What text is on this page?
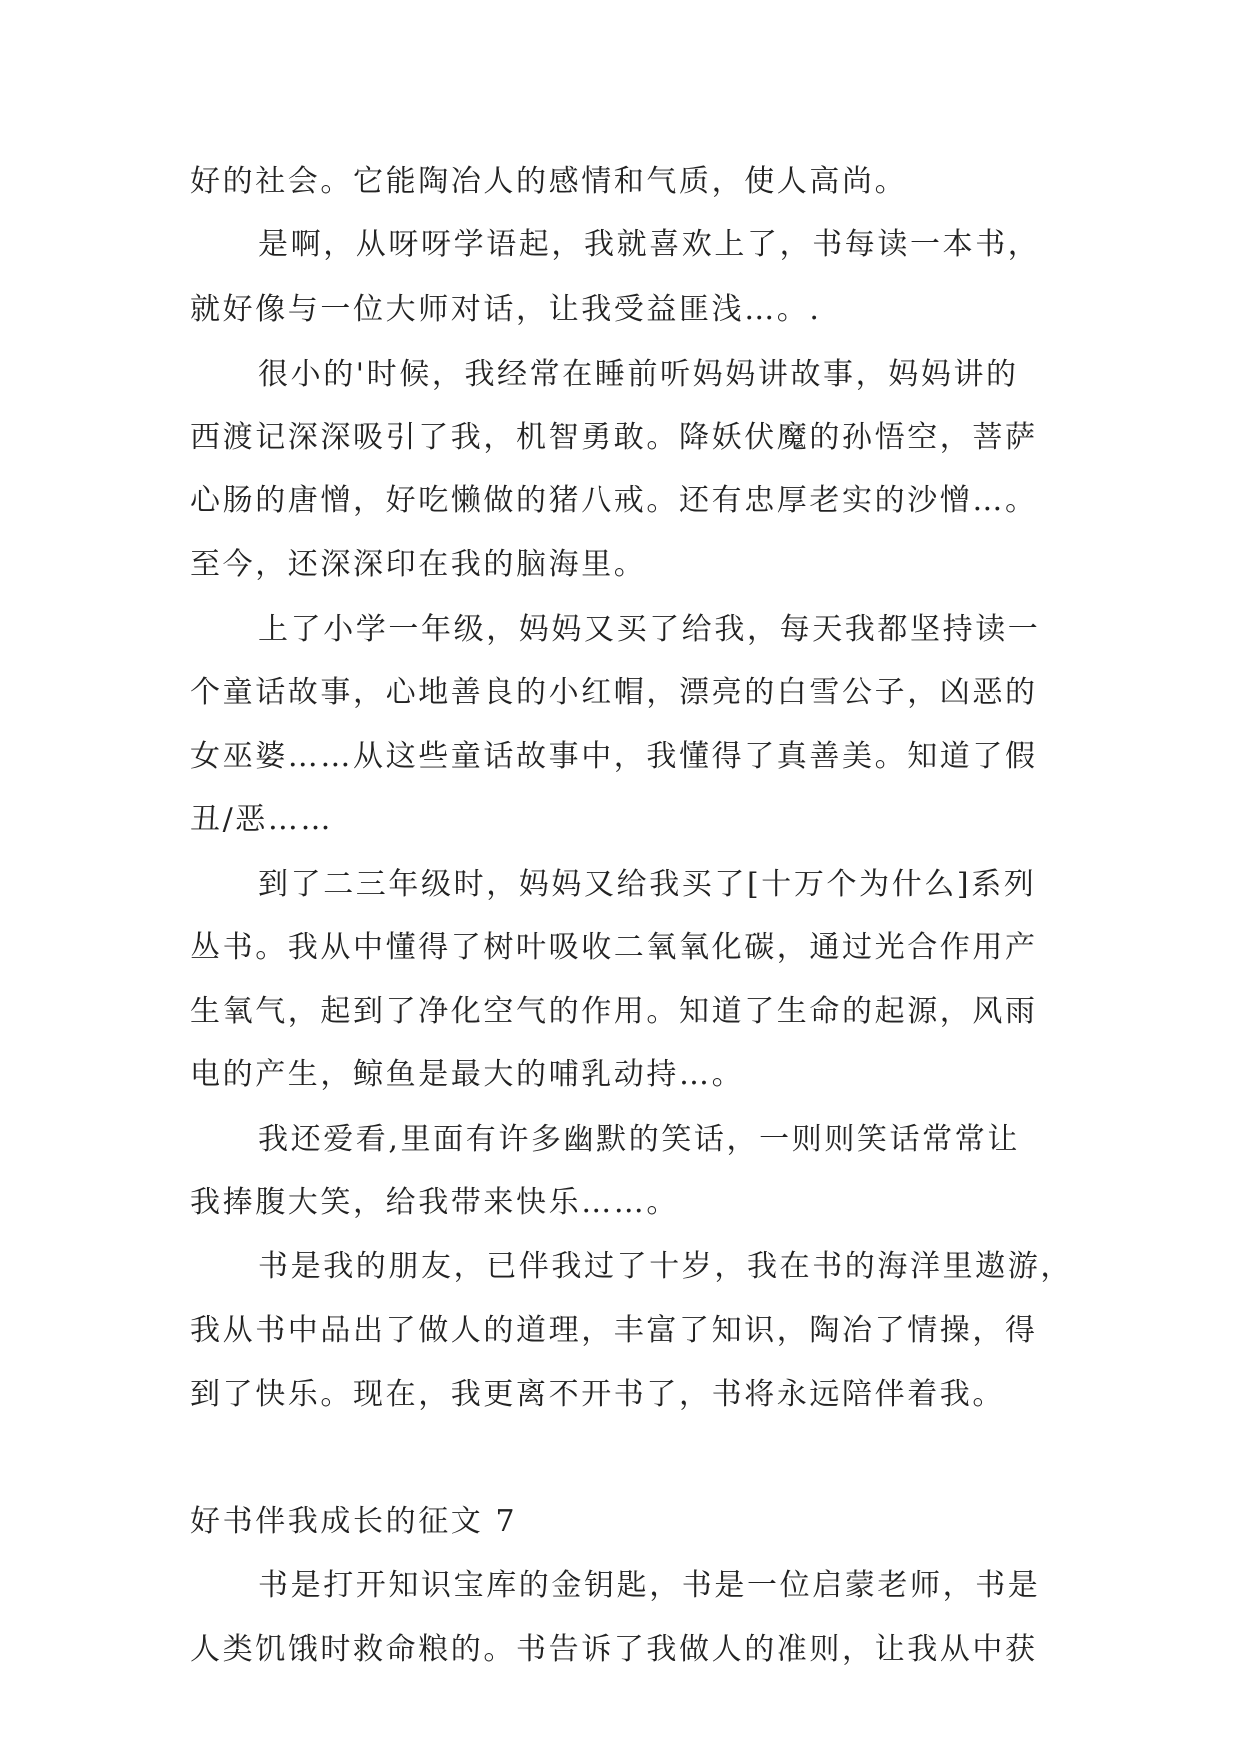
好的社会。它能陶冶人的感情和气质，使人高尚。
是啊，从呀呀学语起，我就喜欢上了，书每读一本书，
就好像与一位大师对话，让我受益匪浅…。.
很小的'时候，我经常在睡前听妈妈讲故事，妈妈讲的
西渡记深深吸引了我，机智勇敢。降妖伏魔的孙悟空，菩萨
心肠的唐憎，好吃懒做的猪八戒。还有忠厚老实的沙憎…。
至今，还深深印在我的脑海里。
上了小学一年级，妈妈又买了给我，每天我都坚持读一
个童话故事，心地善良的小红帽，漂亮的白雪公子，凶恶的
女巫婆……从这些童话故事中，我懂得了真善美。知道了假
丑/恶……
到了二三年级时，妈妈又给我买了[十万个为什么]系列
丛书。我从中懂得了树叶吸收二氧氧化碳，通过光合作用产
生氧气，起到了净化空气的作用。知道了生命的起源，风雨
电的产生，鲸鱼是最大的哺乳动持…。
我还爱看,里面有许多幽默的笑话，一则则笑话常常让
我捧腹大笑，给我带来快乐……。
书是我的朋友，已伴我过了十岁，我在书的海洋里遨游，
我从书中品出了做人的道理，丰富了知识，陶冶了情操，得
到了快乐。现在，我更离不开书了，书将永远陪伴着我。
好书伴我成长的征文 7
书是打开知识宝库的金钥匙，书是一位启蒙老师，书是
人类饥饿时救命粮的。书告诉了我做人的准则，让我从中获
